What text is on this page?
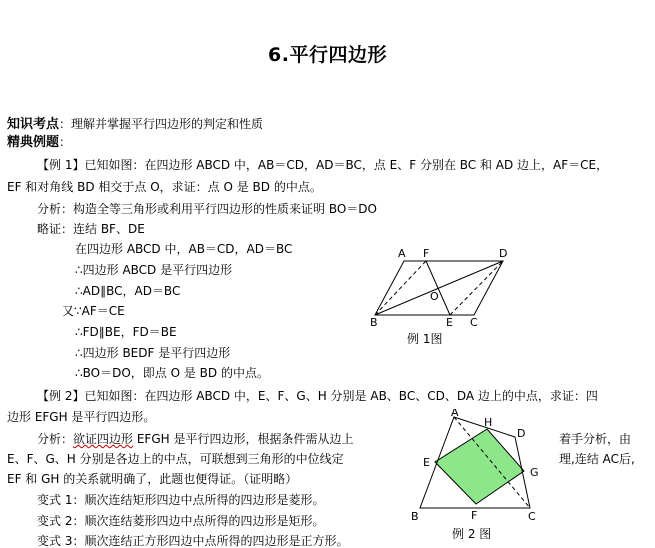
6.平行四边形
知识考点：理解并掌握平行四边形的判定和性质
精典例题：
【例 1】已知如图：在四边形 ABCD 中，AB＝CD，AD＝BC，点 E、F 分别在 BC 和 AD 边上，AF＝CE，
EF 和对角线 BD 相交于点 O，求证：点 O 是 BD 的中点。
分析：构造全等三角形或利用平行四边形的性质来证明 BO＝DO
略证：连结 BF、DE
在四边形 ABCD 中，AB＝CD，AD＝BC
∴四边形 ABCD 是平行四边形
∴AD∥BC，AD＝BC
又∵AF＝CE
∴FD∥BE，FD＝BE
∴四边形 BEDF 是平行四边形
∴BO＝DO，即点 O 是 BD 的中点。
A F	D
O
B	E C
例 1图
【例 2】已知如图：在四边形 ABCD 中，E、F、G、H 分别是 AB、BC、CD、DA 边上的中点，求证：四
边形 EFGH 是平行四边形。
分析：欲证四边形 EFGH 是平行四边形，根据条件需从边上	着手分析，由
E、F、G、H 分别是各边上的中点，可联想到三角形的中位线定	理,连结 AC后,
EF 和 GH 的关系就明确了，此题也便得证。（证明略）
变式 1：顺次连结矩形四边中点所得的四边形是菱形。
变式 2：顺次连结菱形四边中点所得的四边形是矩形。
变式 3：顺次连结正方形四边中点所得的四边形是正方形。
A
H
D
E
G
B	F	C
例 2 图
